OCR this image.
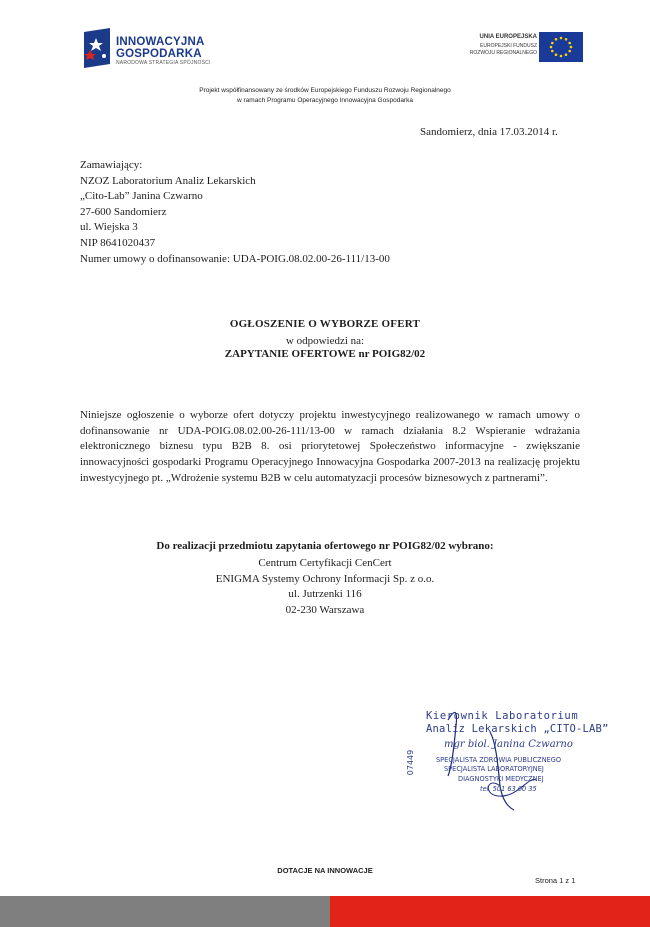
INNOWACYJNA
GOSPODARKA
NARODOWA STRATEGIA SPÓJNOŚCI
UNIA EUROPEJSKA
EUROPEJSKI FUNDUSZ
ROZWOJU REGIONALNEGO
Projekt współfinansowany ze środków Europejskiego Funduszu Rozwoju Regionalnego
w ramach Programu Operacyjnego Innowacyjna Gospodarka
Sandomierz, dnia 17.03.2014 r.
Zamawiający:
NZOZ Laboratorium Analiz Lekarskich
„Cito-Lab” Janina Czwarno
27-600 Sandomierz
ul. Wiejska 3
NIP 8641020437
Numer umowy o dofinansowanie: UDA-POIG.08.02.00-26-111/13-00
OGŁOSZENIE O WYBORZE OFERT
w odpowiedzi na:
ZAPYTANIE OFERTOWE nr POIG82/02
Niniejsze ogłoszenie o wyborze ofert dotyczy projektu inwestycyjnego realizowanego w ramach umowy o dofinansowanie nr UDA-POIG.08.02.00-26-111/13-00 w ramach działania 8.2 Wspieranie wdrażania elektronicznego biznesu typu B2B 8. osi priorytetowej Społeczeństwo informacyjne - zwiększanie innowacyjności gospodarki Programu Operacyjnego Innowacyjna Gospodarka 2007-2013 na realizację projektu inwestycyjnego pt. „Wdrożenie systemu B2B w celu automatyzacji procesów biznesowych z partnerami”.
Do realizacji przedmiotu zapytania ofertowego nr POIG82/02 wybrano:
Centrum Certyfikacji CenCert
ENIGMA Systemy Ochrony Informacji Sp. z o.o.
ul. Jutrzenki 116
02-230 Warszawa
Kierownik Laboratorium
Analiz Lekarskich „CITO-LAB”
mgr biol. Janina Czwarno
SPECJALISTA ZDROWIA PUBLICZNEGO
SPECJALISTA LABORATORYJNEJ
DIAGNOSTYKI MEDYCZNEJ
tel. 501 63 00 35
07449
DOTACJE NA INNOWACJE
Strona 1 z 1
